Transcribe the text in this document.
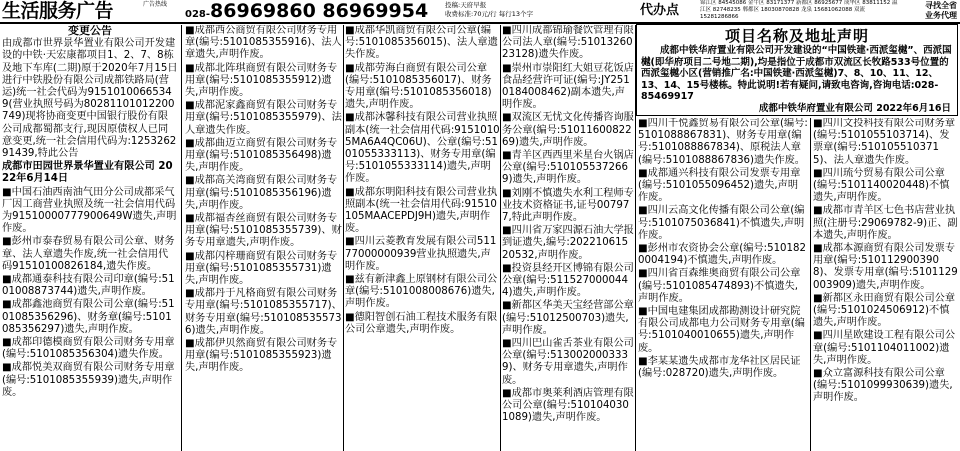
生活服务广告	广告热线
028-86969860 86969954	投稿:天府早报
收费标准:70元/行 每行13个字	代办点	锦江区 84545086 金牛区 83171377 新都区 86925677 成华区 83811152 温江区 82748235 郫都区 18030870828 龙泉 15681062088 双流 15281286866
寻找全省
业务代理
变更公告
由成都市世界景华置业有限公司开发建设的中铁·天宏康都项目1、2、7、8栋及地下车库(二期)原于2020年7月15日进行中铁股份有限公司成都铁路局(营运)统一社会代码为91510100665349(营业执照号码为80281101012200749)现将协商变更中国银行股份有限公司成都蜀都支行,现因原债权人已同意变更,统一社会信用代码为:125326291439,特此公告
成都市田园世界景华置业有限公司 2022年6月14日
■中国石油西南油气田分公司成都采气厂因工商营业执照及统一社会信用代码为91510000777900649W遗失,声明作废。
■彭州市泰春贸易有限公司公章、财务章、法人章遗失作废,统一社会信用代码91510100826184,遗失作废。
■成都通泰科技有限公司印章(编号:5101008873744)遗失,声明作废。
■成都鑫池商贸有限公司公章(编号:5101085356296)、财务章(编号:5101085356297)遗失,声明作废。
■成都印德模商贸有限公司财务专用章(编号:5101085356304)遗失作废。
■成都悦美双商贸有限公司财务专用章(编号:5101085355939)遗失,声明作废。
■成都西公商贸有限公司财务专用章(编号:5101085355916)、法人章遗失,声明作废。
■成都北阵琪商贸有限公司财务专用章(编号:5101085355912)遗失,声明作废。
■成都泥家鑫商贸有限公司财务专用章(编号:5101085355979)、法人章遗失作废。
■成都曲迈立商贸有限公司财务专用章(编号:5101085356498)遗失,声明作废。
■成都高关湾商贸有限公司财务专用章(编号:5101085356196)遗失,声明作废。
■成都福杏丝商贸有限公司财务专用章(编号:5101085355739)、财务专用章遗失,声明作废。
■成都闪梓珊商贸有限公司财务专用章(编号:5101085355731)遗失,声明作废。
■成都丹于凡格商贸有限公司财务专用章(编号:5101085355717)、财务专用章(编号:5101085355736)遗失,声明作废。
■成都伊贝然商贸有限公司财务专用章(编号:5101085355923)遗失,声明作废。
■成都华凯商贸有限公司公章(编号:5101085356015)、法人章遗失作废。
■成都劳海白商贸有限公司公章(编号:5101085356017)、财务专用章(编号:5101085356018)遗失,声明作废。
■成都沐馨科技有限公司营业执照副本(统一社会信用代码:91510105MA6A4QC06U)、公章(编号:5101055333113)、财务专用章(编号:5101055333114)遗失,声明作废。
■成都东明阳科技有限公司营业执照副本(统一社会信用代码:91510105MAACEPDJ9H)遗失,声明作废。
■四川云菱教育发展有限公司51177000000939营业执照遗失,声明作废。
■兹有新津鑫上原钢材有限公司公章(编号:5101008008676)遗失,声明作废。
■德阳智创石油工程技术服务有限公司公章遗失,声明作废。
■四川成都锦瑜餐饮管理有限公司法人章(编号:5101326023128)遗失作废。
■崇州市崇阳红大姐豆花饭店食品经营许可证(编号:JY2510184008462)副本遗失,声明作废。
■双流区无忧文化传播咨询服务公章(编号:5101160082269)遗失,声明作废。
■青羊区西西里米星台火锅店公章(编号:5101055372669)遗失,声明作废。
■刘刚不慎遗失水利工程师专业技术资格证书,证号007977,特此声明作废。
■四川省万家四源石油大学报到证遗失,编号:20221061520532,声明作废。
■投资县经开区博锦有限公司公章(编号:5115270000444)遗失,声明作废。
■新都区华美天宝经营部公章(编号:51012500703)遗失,声明作废。
■四川巴山雀舌茶业有限公司公章(编号:5130020003339)、财务专用章遗失,声明作废。
■成都市奥莱利酒店管理有限公司公章(编号:5101040301089)遗失,声明作废。
项目名称及地址声明
成都中铁华府置业有限公司开发建设的“中国铁建·西派玺樾”、西派国樾(即华府项目二号地二期),均是指位于成都市双流区长牧路533号位置的西派玺樾小区(营销推广名:中国铁建·西派玺樾)7、8、10、11、12、13、14、15号楼栋。特此说明!若有疑问,请致电咨询,咨询电话:028-85469917
成都中铁华府置业有限公司 2022年6月16日
■四川千悦鑫贸易有限公司公章(编号:5101088867831)、财务专用章(编号:5101088867834)、原税法人章(编号:5101088867836)遗失作废。
■成都通兴科技有限公司发票专用章(编号:5101055096452)遗失,声明作废。
■四川云高文化传播有限公司公章(编号:5101075036841)不慎遗失,声明作废。
■彭州市农资协会公章(编号:5101820004194)不慎遗失,声明作废。
■四川省百森维奥商贸有限公司公章(编号:5101085474893)不慎遗失,声明作废。
■中国电建集团成都勘测设计研究院有限公司成都电力公司财务专用章(编号:5101040010655)遗失,声明作废。
■李某某遗失成都市龙华社区居民证(编号:028720)遗失,声明作废。
■四川文投科技有限公司财务章(编号:5101055103714)、发票章(编号:5101055103715)、法人章遗失作废。
■四川琉兮贸易有限公司公章(编号:5101140020448)不慎遗失,声明作废。
■成都市青羊区七色书店营业执照(注册号:29069782-9)正、副本遗失,声明作废。
■成都本源商贸有限公司发票专用章(编号:5101129003908)、发票专用章(编号:5101129003909)遗失,声明作废。
■新都区永田商贸有限公司公章(编号:5101024506912)不慎遗失,声明作废。
■四川星欧建设工程有限公司公章(编号:5101104011002)遗失,声明作废。
■众立富源科技有限公司公章(编号:5101099930639)遗失,声明作废。
